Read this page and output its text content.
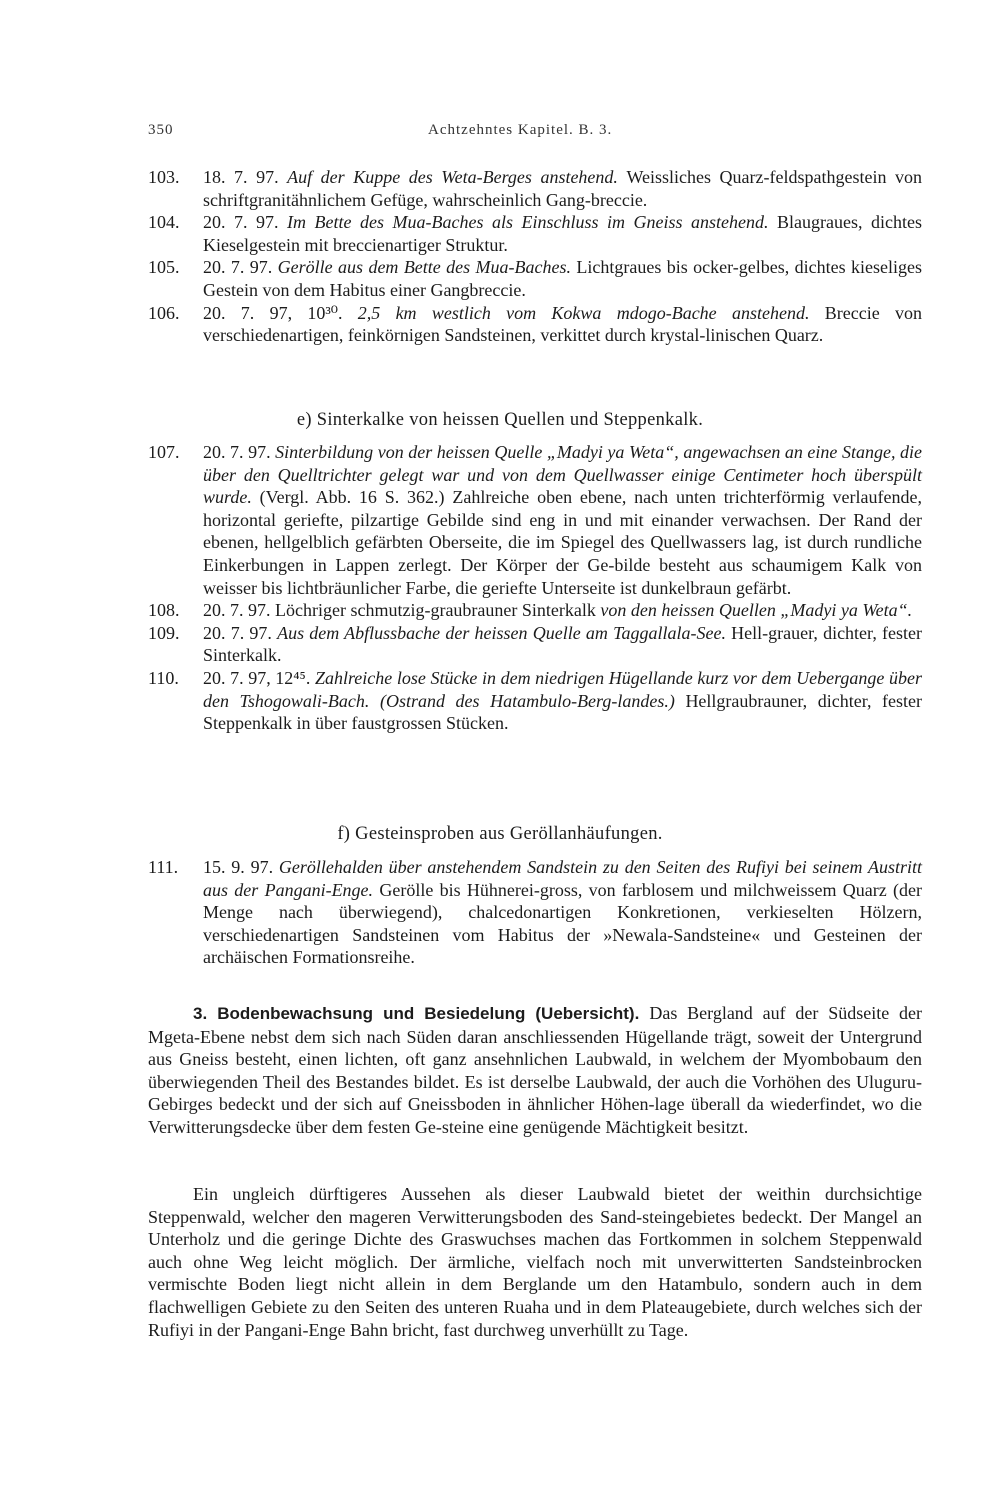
350	Achtzehntes Kapitel. B. 3.
103.	18. 7. 97. Auf der Kuppe des Weta-Berges anstehend. Weissliches Quarz-feldspathgestein von schriftgranitähnlichem Gefüge, wahrscheinlich Gang-breccie.
104.	20. 7. 97. Im Bette des Mua-Baches als Einschluss im Gneiss anstehend. Blaugraues, dichtes Kieselgestein mit breccienartiger Struktur.
105.	20. 7. 97. Gerölle aus dem Bette des Mua-Baches. Lichtgraues bis ocker-gelbes, dichtes kieseliges Gestein von dem Habitus einer Gangbreccie.
106.	20. 7. 97, 10³⁰. 2,5 km westlich vom Kokwa mdogo-Bache anstehend. Breccie von verschiedenartigen, feinkörnigen Sandsteinen, verkittet durch krystal-linischen Quarz.
e) Sinterkalke von heissen Quellen und Steppenkalk.
107.	20. 7. 97. Sinterbildung von der heissen Quelle „Madyi ya Weta“, angewachsen an eine Stange, die über den Quelltrichter gelegt war und von dem Quellwasser einige Centimeter hoch überspült wurde. (Vergl. Abb. 16 S. 362.) Zahlreiche oben ebene, nach unten trichterförmig verlaufende, horizontal geriefte, pilzartige Gebilde sind eng in und mit einander verwachsen. Der Rand der ebenen, hellgelblich gefärbten Oberseite, die im Spiegel des Quellwassers lag, ist durch rundliche Einkerbungen in Lappen zerlegt. Der Körper der Ge-bilde besteht aus schaumigem Kalk von weisser bis lichtbräunlicher Farbe, die geriefte Unterseite ist dunkelbraun gefärbt.
108.	20. 7. 97. Löchriger schmutzig-graubrauner Sinterkalk von den heissen Quellen „Madyi ya Weta“.
109.	20. 7. 97. Aus dem Abflussbache der heissen Quelle am Taggallala-See. Hell-grauer, dichter, fester Sinterkalk.
110.	20. 7. 97, 12⁴⁵. Zahlreiche lose Stücke in dem niedrigen Hügellande kurz vor dem Uebergange über den Tshogowali-Bach. (Ostrand des Hatambulo-Berg-landes.) Hellgraubrauner, dichter, fester Steppenkalk in über faustgrossen Stücken.
f) Gesteinsproben aus Geröllanhäufungen.
111.	15. 9. 97. Geröllehalden über anstehendem Sandstein zu den Seiten des Rufiyi bei seinem Austritt aus der Pangani-Enge. Gerölle bis Hühnerei-gross, von farblosem und milchweissem Quarz (der Menge nach überwiegend), chalcedonartigen Konkretionen, verkieselten Hölzern, verschiedenartigen Sandsteinen vom Habitus der »Newala-Sandsteine« und Gesteinen der archäischen Formationsreihe.
3. Bodenbewachsung und Besiedelung (Uebersicht). Das Bergland auf der Südseite der Mgeta-Ebene nebst dem sich nach Süden daran anschliessenden Hügellande trägt, soweit der Untergrund aus Gneiss besteht, einen lichten, oft ganz ansehnlichen Laubwald, in welchem der Myombobaum den überwiegenden Theil des Bestandes bildet. Es ist derselbe Laubwald, der auch die Vorhöhen des Uluguru-Gebirges bedeckt und der sich auf Gneissboden in ähnlicher Höhen-lage überall da wiederfindet, wo die Verwitterungsdecke über dem festen Ge-steine eine genügende Mächtigkeit besitzt.
Ein ungleich dürftigeres Aussehen als dieser Laubwald bietet der weithin durchsichtige Steppenwald, welcher den mageren Verwitterungsboden des Sand-steingebietes bedeckt. Der Mangel an Unterholz und die geringe Dichte des Graswuchses machen das Fortkommen in solchem Steppenwald auch ohne Weg leicht möglich. Der ärmliche, vielfach noch mit unverwitterten Sandsteinbrocken vermischte Boden liegt nicht allein in dem Berglande um den Hatambulo, sondern auch in dem flachwelligen Gebiete zu den Seiten des unteren Ruaha und in dem Plateaugebiete, durch welches sich der Rufiyi in der Pangani-Enge Bahn bricht, fast durchweg unverhüllt zu Tage.
